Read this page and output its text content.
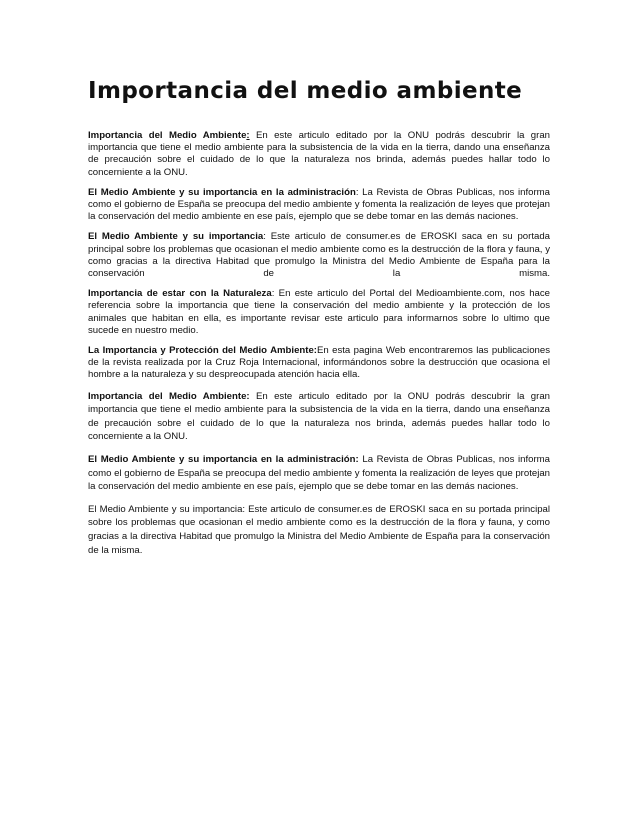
Importancia del medio ambiente

Importancia del Medio Ambiente: En este articulo editado por la ONU podrás descubrir la gran importancia que tiene el medio ambiente para la subsistencia de la vida en la tierra, dando una enseñanza de precaución sobre el cuidado de lo que la naturaleza nos brinda, además puedes hallar todo lo concerniente a la ONU.

El Medio Ambiente y su importancia en la administración: La Revista de Obras Publicas, nos informa como el gobierno de España se preocupa del medio ambiente y fomenta la realización de leyes que protejan la conservación del medio ambiente en ese país, ejemplo que se debe tomar en las demás naciones.

El Medio Ambiente y su importancia: Este articulo de consumer.es de EROSKI saca en su portada principal sobre los problemas que ocasionan el medio ambiente como es la destrucción de la flora y fauna, y como gracias a la directiva Habitad que promulgo la Ministra del Medio Ambiente de España para la conservación de la misma.

Importancia de estar con la Naturaleza: En este articulo del Portal del Medioambiente.com, nos hace referencia sobre la importancia que tiene la conservación del medio ambiente y la protección de los animales que habitan en ella, es importante revisar este articulo para informarnos sobre lo ultimo que sucede en nuestro medio.

La Importancia y Protección del Medio Ambiente:En esta pagina Web encontraremos las publicaciones de la revista realizada por la Cruz Roja Internacional, informándonos sobre la destrucción que ocasiona el hombre a la naturaleza y su despreocupada atención hacia ella.

Importancia del Medio Ambiente: En este articulo editado por la ONU podrás descubrir la gran importancia que tiene el medio ambiente para la subsistencia de la vida en la tierra, dando una enseñanza de precaución sobre el cuidado de lo que la naturaleza nos brinda, además puedes hallar todo lo concerniente a la ONU.

El Medio Ambiente y su importancia en la administración: La Revista de Obras Publicas, nos informa como el gobierno de España se preocupa del medio ambiente y fomenta la realización de leyes que protejan la conservación del medio ambiente en ese país, ejemplo que se debe tomar en las demás naciones.

El Medio Ambiente y su importancia: Este articulo de consumer.es de EROSKI saca en su portada principal sobre los problemas que ocasionan el medio ambiente como es la destrucción de la flora y fauna, y como gracias a la directiva Habitad que promulgo la Ministra del Medio Ambiente de España para la conservación de la misma.
